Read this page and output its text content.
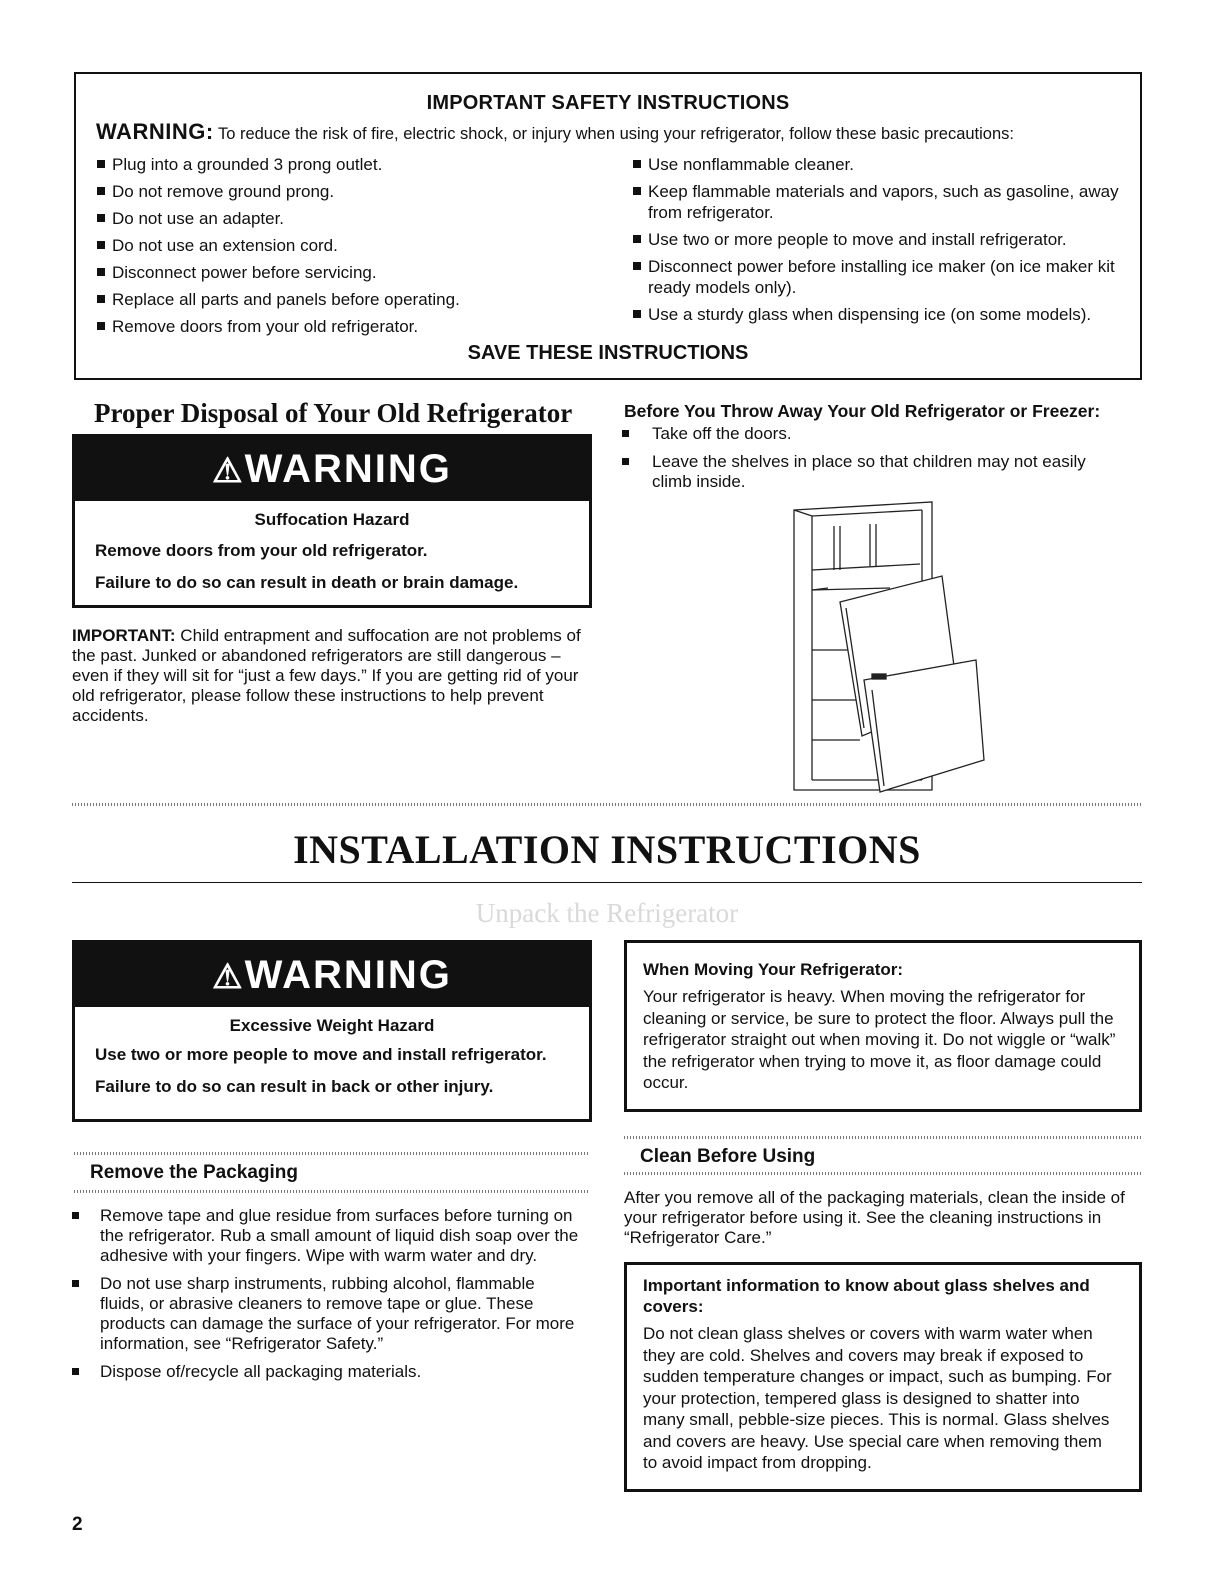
IMPORTANT SAFETY INSTRUCTIONS
WARNING: To reduce the risk of fire, electric shock, or injury when using your refrigerator, follow these basic precautions:
Plug into a grounded 3 prong outlet.
Do not remove ground prong.
Do not use an adapter.
Do not use an extension cord.
Disconnect power before servicing.
Replace all parts and panels before operating.
Remove doors from your old refrigerator.
Use nonflammable cleaner.
Keep flammable materials and vapors, such as gasoline, away from refrigerator.
Use two or more people to move and install refrigerator.
Disconnect power before installing ice maker (on ice maker kit ready models only).
Use a sturdy glass when dispensing ice (on some models).
SAVE THESE INSTRUCTIONS
Proper Disposal of Your Old Refrigerator
⚠WARNING
Suffocation Hazard
Remove doors from your old refrigerator.
Failure to do so can result in death or brain damage.
IMPORTANT: Child entrapment and suffocation are not problems of the past. Junked or abandoned refrigerators are still dangerous – even if they will sit for “just a few days.” If you are getting rid of your old refrigerator, please follow these instructions to help prevent accidents.
Before You Throw Away Your Old Refrigerator or Freezer:
Take off the doors.
Leave the shelves in place so that children may not easily climb inside.
INSTALLATION INSTRUCTIONS
Unpack the Refrigerator
⚠WARNING
Excessive Weight Hazard
Use two or more people to move and install refrigerator.
Failure to do so can result in back or other injury.
When Moving Your Refrigerator:
Your refrigerator is heavy. When moving the refrigerator for cleaning or service, be sure to protect the floor. Always pull the refrigerator straight out when moving it. Do not wiggle or “walk” the refrigerator when trying to move it, as floor damage could occur.
Remove the Packaging
Remove tape and glue residue from surfaces before turning on the refrigerator. Rub a small amount of liquid dish soap over the adhesive with your fingers. Wipe with warm water and dry.
Do not use sharp instruments, rubbing alcohol, flammable fluids, or abrasive cleaners to remove tape or glue. These products can damage the surface of your refrigerator. For more information, see “Refrigerator Safety.”
Dispose of/recycle all packaging materials.
Clean Before Using
After you remove all of the packaging materials, clean the inside of your refrigerator before using it. See the cleaning instructions in “Refrigerator Care.”
Important information to know about glass shelves and covers:
Do not clean glass shelves or covers with warm water when they are cold. Shelves and covers may break if exposed to sudden temperature changes or impact, such as bumping. For your protection, tempered glass is designed to shatter into many small, pebble-size pieces. This is normal. Glass shelves and covers are heavy. Use special care when removing them to avoid impact from dropping.
2
